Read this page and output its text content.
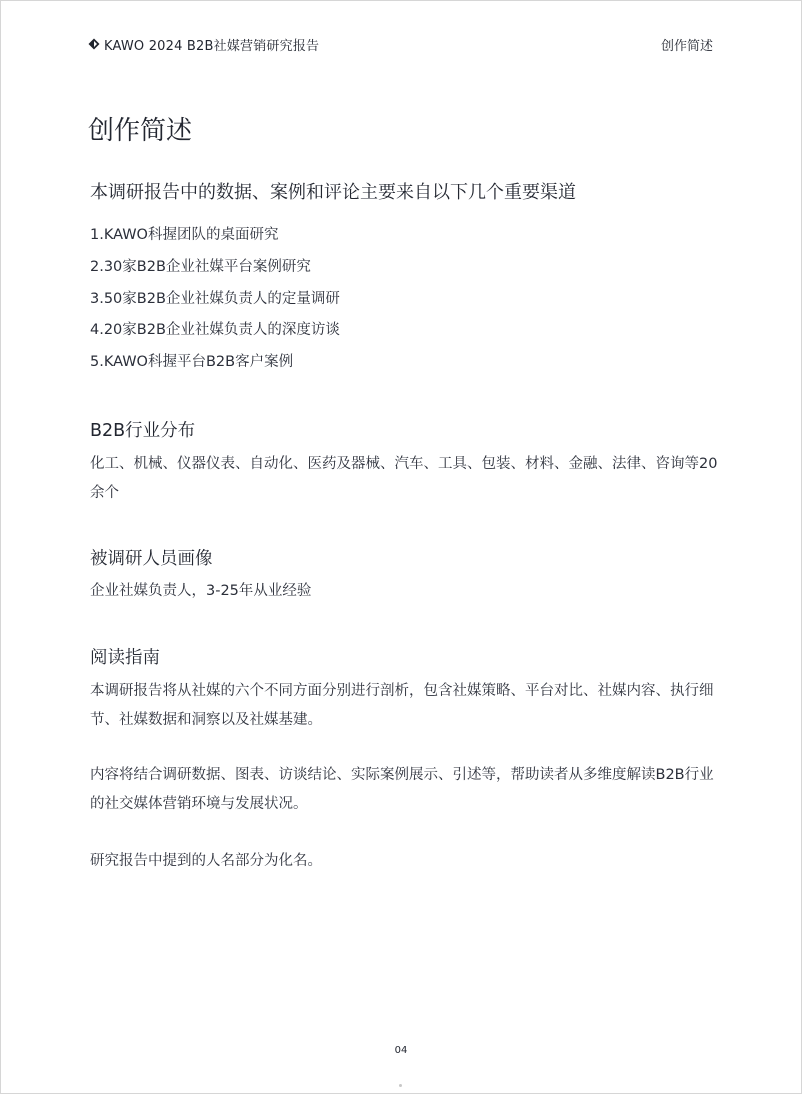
KAWO 2024 B2B社媒营销研究报告	创作简述
创作简述
本调研报告中的数据、案例和评论主要来自以下几个重要渠道
1.KAWO科握团队的桌面研究
2.30家B2B企业社媒平台案例研究
3.50家B2B企业社媒负责人的定量调研
4.20家B2B企业社媒负责人的深度访谈
5.KAWO科握平台B2B客户案例
B2B行业分布

化工、机械、仪器仪表、自动化、医药及器械、汽车、工具、包装、材料、金融、法律、咨询等20余个

被调研人员画像

企业社媒负责人，3-25年从业经验

阅读指南

本调研报告将从社媒的六个不同方面分别进行剖析，包含社媒策略、平台对比、社媒内容、执行细节、社媒数据和洞察以及社媒基建。

内容将结合调研数据、图表、访谈结论、实际案例展示、引述等，帮助读者从多维度解读B2B行业的社交媒体营销环境与发展状况。

研究报告中提到的人名部分为化名。

04
